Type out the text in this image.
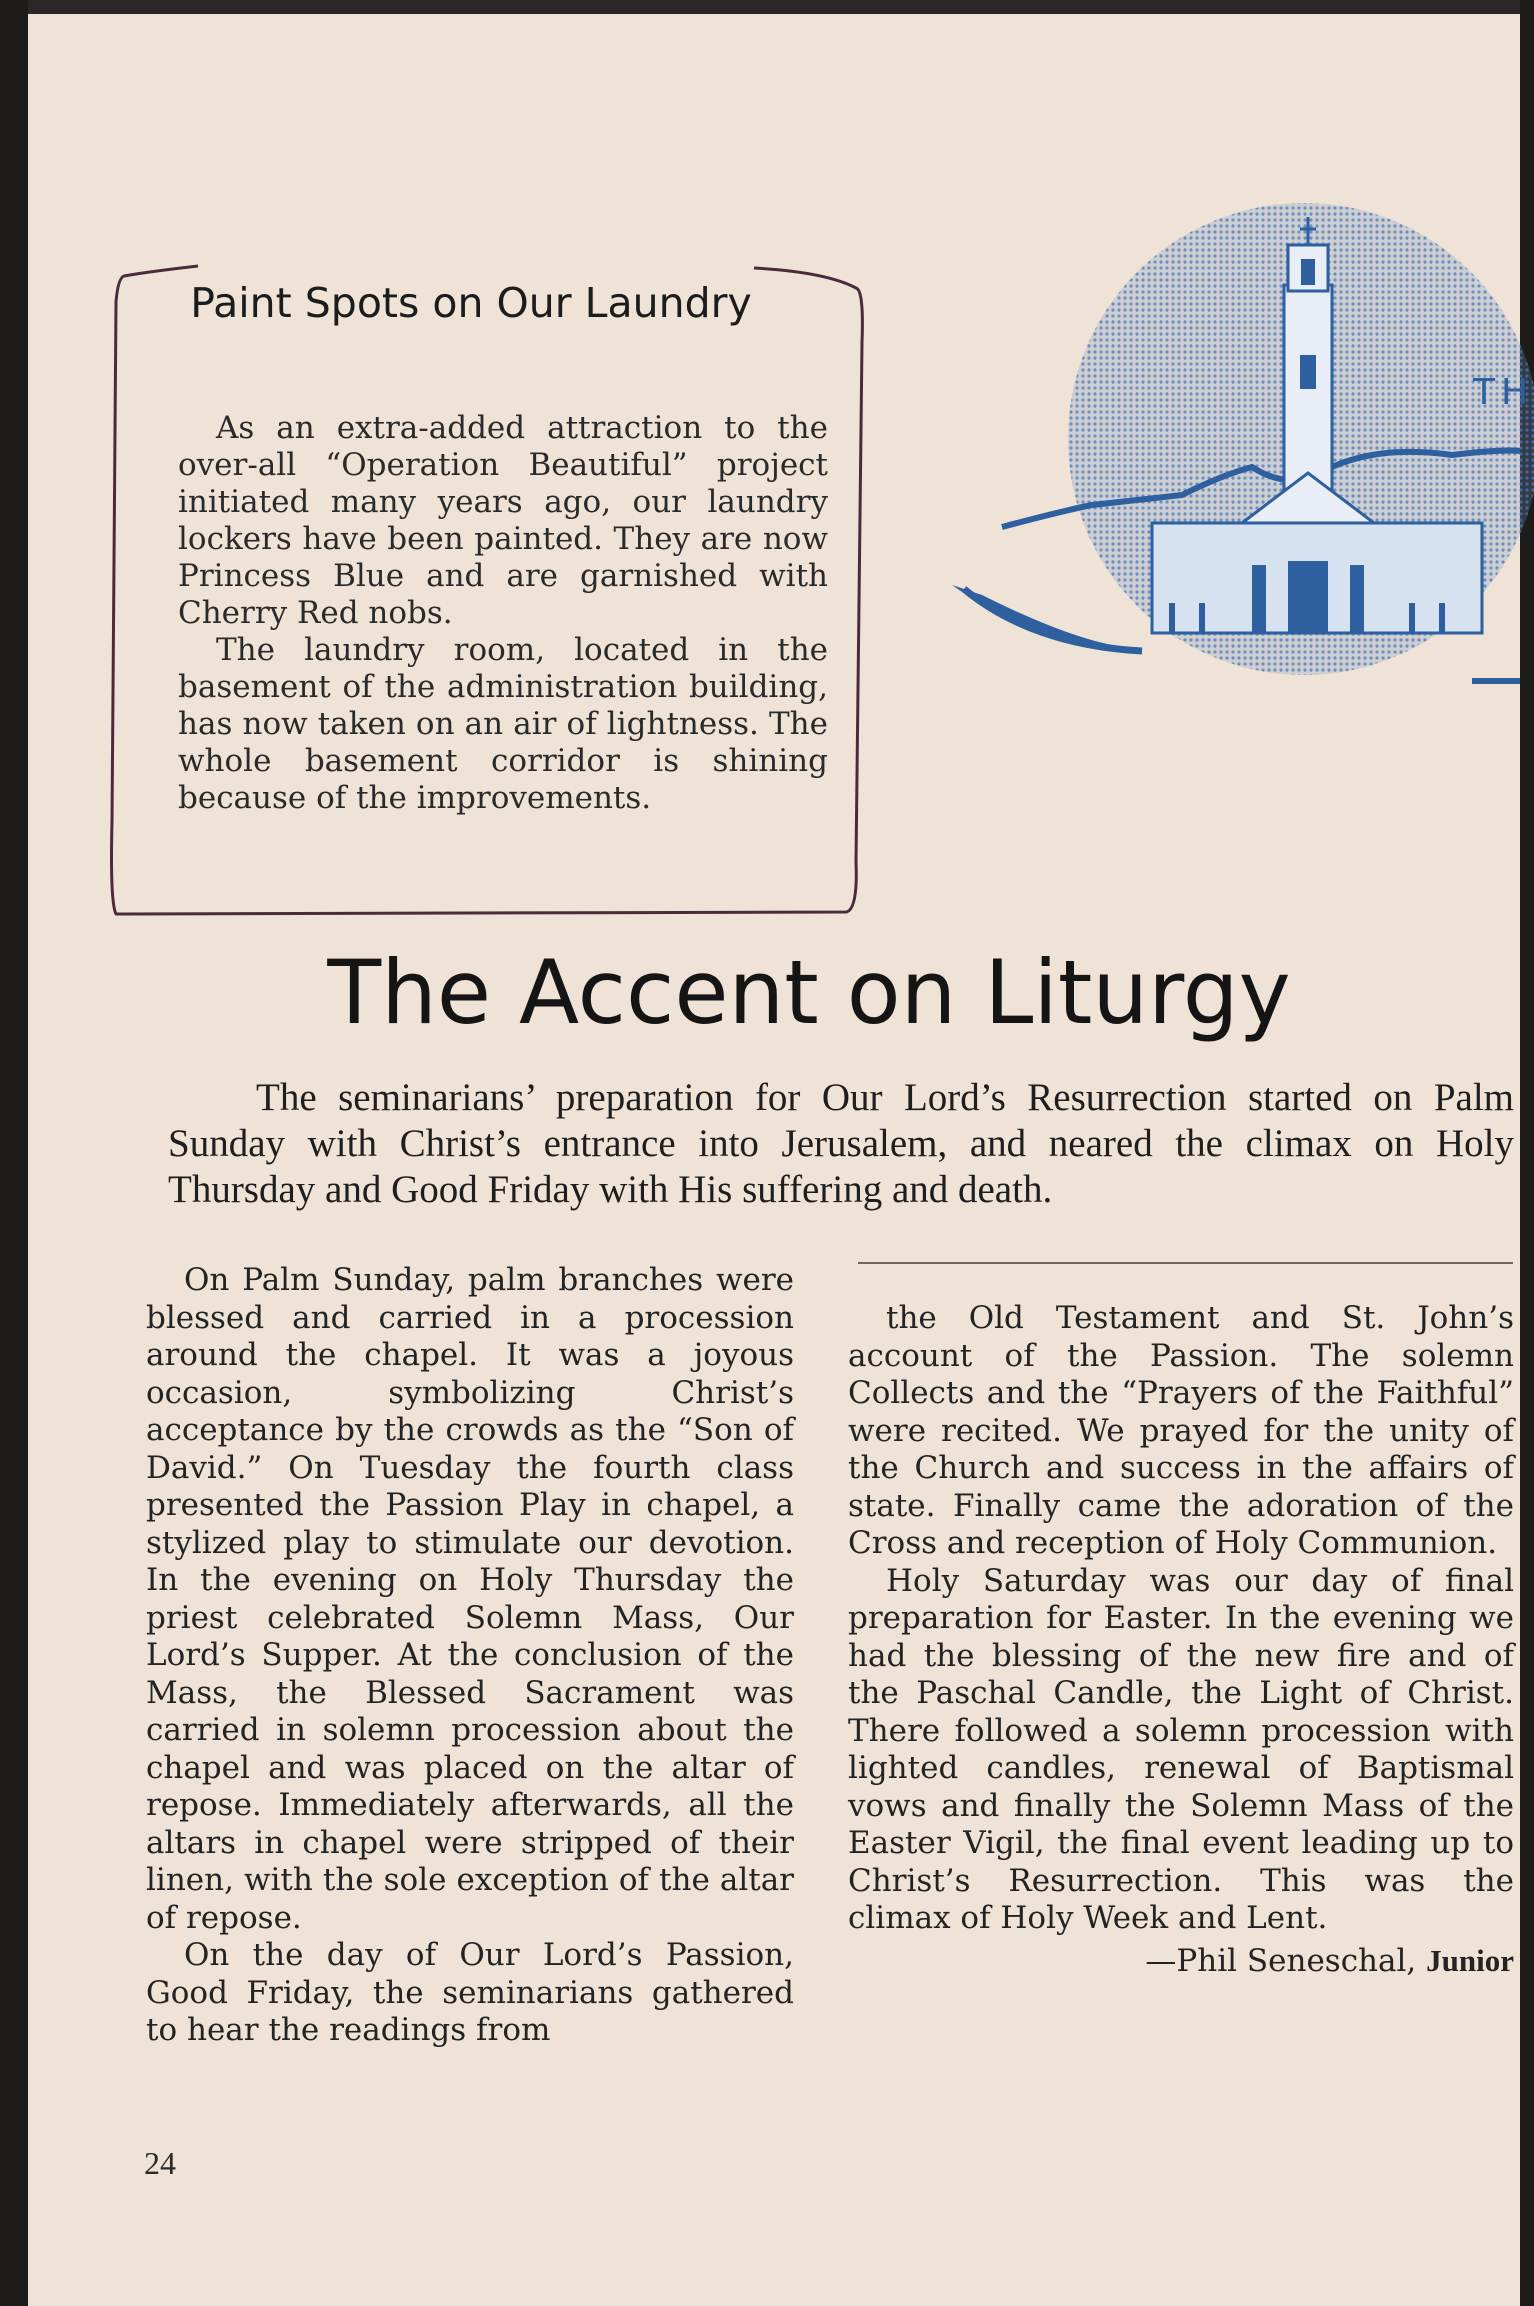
Paint Spots on Our Laundry

As an extra-added attraction to the over-all “Operation Beautiful” project initiated many years ago, our laundry lockers have been painted. They are now Princess Blue and are garnished with Cherry Red nobs.

The laundry room, located in the basement of the administration building, has now taken on an air of lightness. The whole basement corridor is shining because of the improvements.

TH
The Accent on Liturgy

The seminarians’ preparation for Our Lord’s Resurrection started on Palm Sunday with Christ’s entrance into Jerusalem, and neared the climax on Holy Thursday and Good Friday with His suffering and death.

On Palm Sunday, palm branches were blessed and carried in a procession around the chapel. It was a joyous occasion, symbolizing Christ’s acceptance by the crowds as the “Son of David.” On Tuesday the fourth class presented the Passion Play in chapel, a stylized play to stimulate our devotion. In the evening on Holy Thursday the priest celebrated Solemn Mass, Our Lord’s Supper. At the conclusion of the Mass, the Blessed Sacrament was carried in solemn procession about the chapel and was placed on the altar of repose. Immediately afterwards, all the altars in chapel were stripped of their linen, with the sole exception of the altar of repose.

On the day of Our Lord’s Passion, Good Friday, the seminarians gathered to hear the readings from

the Old Testament and St. John’s account of the Passion. The solemn Collects and the “Prayers of the Faithful” were recited. We prayed for the unity of the Church and success in the affairs of state. Finally came the adoration of the Cross and reception of Holy Communion.

Holy Saturday was our day of final preparation for Easter. In the evening we had the blessing of the new fire and of the Paschal Candle, the Light of Christ. There followed a solemn procession with lighted candles, renewal of Baptismal vows and finally the Solemn Mass of the Easter Vigil, the final event leading up to Christ’s Resurrection. This was the climax of Holy Week and Lent.

—Phil Seneschal, Junior
24
